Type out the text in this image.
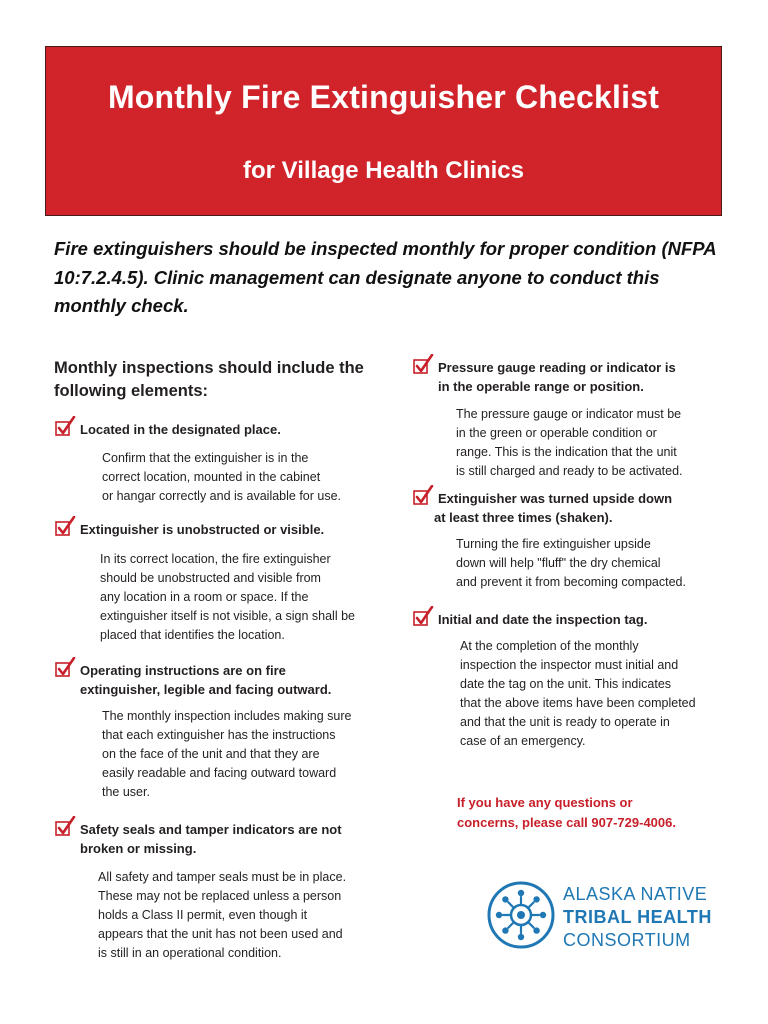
Monthly Fire Extinguisher Checklist
for Village Health Clinics
Fire extinguishers should be inspected monthly for proper condition (NFPA 10:7.2.4.5). Clinic management can designate anyone to conduct this monthly check.
Monthly inspections should include the following elements:
Located in the designated place.
Confirm that the extinguisher is in the
correct location, mounted in the cabinet
or hangar correctly and is available for use.
Extinguisher is unobstructed or visible.
In its correct location, the fire extinguisher
should be unobstructed and visible from
any location in a room or space. If the
extinguisher itself is not visible, a sign shall be
placed that identifies the location.
Operating instructions are on fire
extinguisher, legible and facing outward.
The monthly inspection includes making sure
that each extinguisher has the instructions
on the face of the unit and that they are
easily readable and facing outward toward
the user.
Safety seals and tamper indicators are not
broken or missing.
All safety and tamper seals must be in place.
These may not be replaced unless a person
holds a Class II permit, even though it
appears that the unit has not been used and
is still in an operational condition.
Pressure gauge reading or indicator is
in the operable range or position.
The pressure gauge or indicator must be
in the green or operable condition or
range. This is the indication that the unit
is still charged and ready to be activated.
Extinguisher was turned upside down
at least three times (shaken).
Turning the fire extinguisher upside
down will help "fluff" the dry chemical
and prevent it from becoming compacted.
Initial and date the inspection tag.
At the completion of the monthly
inspection the inspector must initial and
date the tag on the unit. This indicates
that the above items have been completed
and that the unit is ready to operate in
case of an emergency.
If you have any questions or
concerns, please call 907-729-4006.
ALASKA NATIVE
TRIBAL HEALTH
CONSORTIUM
